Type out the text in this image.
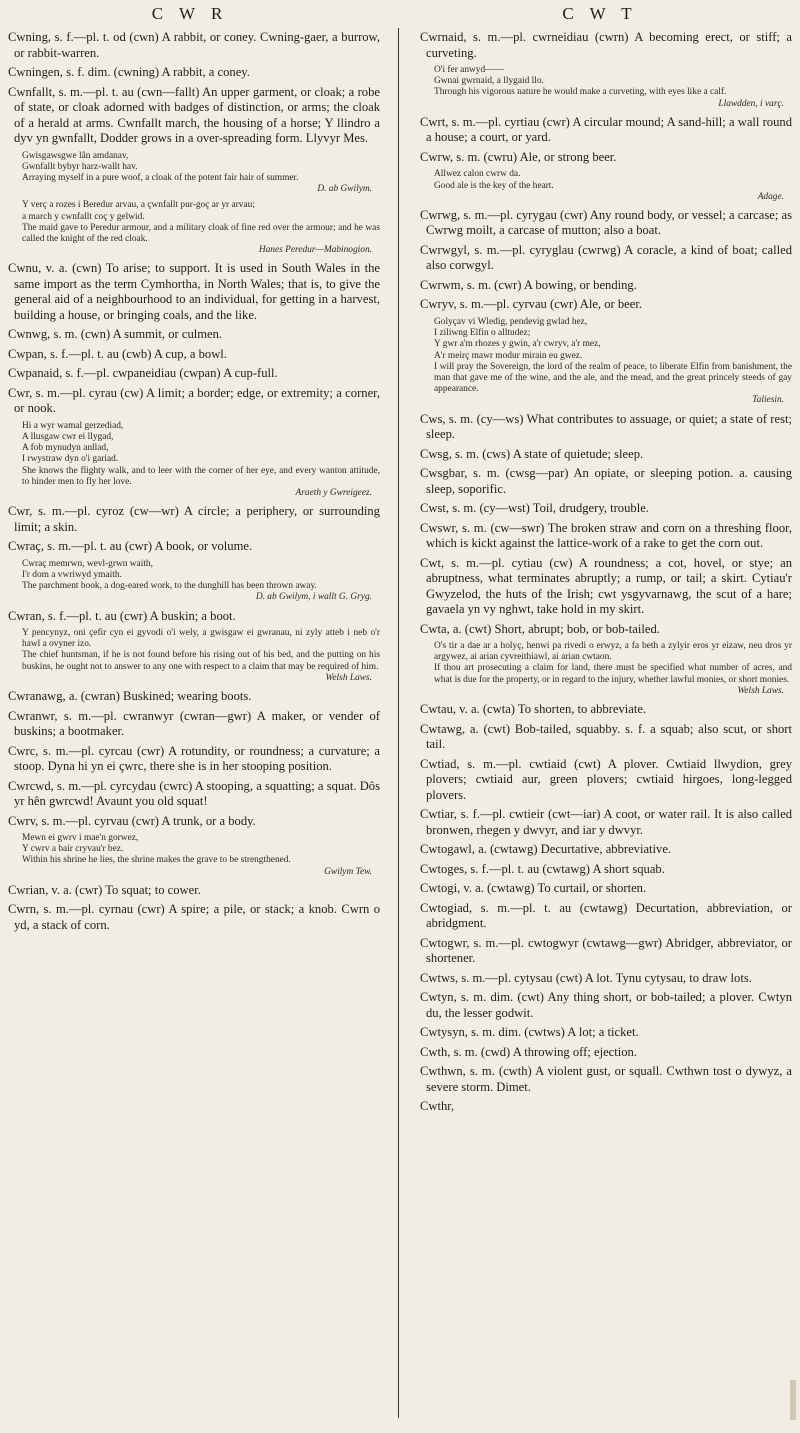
C W R	C W T
Cwning, s. f.—pl. t. od (cwn) A rabbit, or coney. Cwning-gaer, a burrow, or rabbit-warren.
Cwningen, s. f. dim. (cwning) A rabbit, a coney.
Cwnfallt, s. m.—pl. t. au (cwn—fallt) An upper garment, or cloak; a robe of state, or cloak adorned with badges of distinction, or arms; the cloak of a herald at arms. Cwnfallt march, the housing of a horse; Y llindro a dyv yn gwnfallt, Dodder grows in a over-spreading form. Llyvyr Mes.
Gwisgawsgwe lân amdanav,
Gwnfallt bybyr harz-wallt hav.
Arraying myself in a pure woof, a cloak of the potent fair hair of summer.
D. ab Gwilym.
Y verç a rozes i Beredur arvau, a çwnfallt pur-goç ar yr arvau;
a march y cwnfallt coç y gelwid.
The maid gave to Peredur armour, and a military cloak of fine red over the armour; and he was called the knight of the red cloak.
Hanes Peredur—Mabinogion.
Cwnu, v. a. (cwn) To arise; to support. It is used in South Wales in the same import as the term Cymhortha, in North Wales; that is, to give the general aid of a neighbourhood to an individual, for getting in a harvest, building a house, or bringing coals, and the like.
Cwnwg, s. m. (cwn) A summit, or culmen.
Cwpan, s. f.—pl. t. au (cwb) A cup, a bowl.
Cwpanaid, s. f.—pl. cwpaneidiau (cwpan) A cup-full.
Cwr, s. m.—pl. cyrau (cw) A limit; a border; edge, or extremity; a corner, or nook.
Hi a wyr wamal gerzediad,
A llusgaw cwr ei llygad,
A fob mynudyn anllad,
I rwystraw dyn o'i gariad.
She knows the flighty walk, and to leer with the corner of her eye, and every wanton attitude, to hinder men to fly her love.
Araeth y Gwreigeez.
Cwr, s. m.—pl. cyroz (cw—wr) A circle; a periphery, or surrounding limit; a skin.
Cwraç, s. m.—pl. t. au (cwr) A book, or volume.
Cwraç memrwn, wevl-grwn waith,
I'r dom a vwriwyd ymaith.
The parchment book, a dog-eared work, to the dunghill has been thrown away.
D. ab Gwilym, i wallt G. Gryg.
Cwran, s. f.—pl. t. au (cwr) A buskin; a boot.
Y pencynyz, oni çefir cyn ei gyvodi o'i wely, a gwisgaw ei gwranau, ni zyly atteb i neb o'r hawl a ovyner izo.
The chief huntsman, if he is not found before his rising out of his bed, and the putting on his buskins, he ought not to answer to any one with respect to a claim that may be required of him.
Welsh Laws.
Cwranawg, a. (cwran) Buskined; wearing boots.
Cwranwr, s. m.—pl. cwranwyr (cwran—gwr) A maker, or vender of buskins; a bootmaker.
Cwrc, s. m.—pl. cyrcau (cwr) A rotundity, or roundness; a curvature; a stoop. Dyna hi yn ei çwrc, there she is in her stooping position.
Cwrcwd, s. m.—pl. cyrcydau (cwrc) A stooping, a squatting; a squat. Dôs yr hên gwrcwd! Avaunt you old squat!
Cwrv, s. m.—pl. cyrvau (cwr) A trunk, or a body.
Mewn ei gwrv i mae'n gorwez,
Y cwrv a bair cryvau'r bez.
Within his shrine he lies, the shrine makes the grave to be strengthened.
Gwilym Tew.
Cwrian, v. a. (cwr) To squat; to cower.
Cwrn, s. m.—pl. cyrnau (cwr) A spire; a pile, or stack; a knob. Cwrn o yd, a stack of corn.
Cwrnaid, s. m.—pl. cwrneidiau (cwrn) A becoming erect, or stiff; a curveting.
O'i fer anwyd——
Gwnai gwrnaid, a llygaid llo.
Through his vigorous nature he would make a curveting, with eyes like a calf.
Llawdden, i varç.
Cwrt, s. m.—pl. cyrtiau (cwr) A circular mound; A sand-hill; a wall round a house; a court, or yard.
Cwrw, s. m. (cwru) Ale, or strong beer.
Allwez calon cwrw da.
Good ale is the key of the heart.
Adage.
Cwrwg, s. m.—pl. cyrygau (cwr) Any round body, or vessel; a carcase; as Cwrwg moilt, a carcase of mutton; also a boat.
Cwrwgyl, s. m.—pl. cyryglau (cwrwg) A coracle, a kind of boat; called also corwgyl.
Cwrwm, s. m. (cwr) A bowing, or bending.
Cwryv, s. m.—pl. cyrvau (cwr) Ale, or beer.
Golyçav vi Wledig, pendevig gwlad hez,
I ziliwng Elfin o alltudez;
Y gwr a'm rhozes y gwin, a'r cwryv, a'r mez,
A'r meirç mawr modur mirain eu gwez.
I will pray the Sovereign, the lord of the realm of peace, to liberate Elfin from banishment, the man that gave me of the wine, and the ale, and the mead, and the great princely steeds of gay appearance.
Taliesin.
Cws, s. m. (cy—ws) What contributes to assuage, or quiet; a state of rest; sleep.
Cwsg, s. m. (cws) A state of quietude; sleep.
Cwsgbar, s. m. (cwsg—par) An opiate, or sleeping potion. a. causing sleep, soporific.
Cwst, s. m. (cy—wst) Toil, drudgery, trouble.
Cwswr, s. m. (cw—swr) The broken straw and corn on a threshing floor, which is kickt against the lattice-work of a rake to get the corn out.
Cwt, s. m.—pl. cytiau (cw) A roundness; a cot, hovel, or stye; an abruptness, what terminates abruptly; a rump, or tail; a skirt. Cytiau'r Gwyzelod, the huts of the Irish; cwt ysgyvarnawg, the scut of a hare; gavaela yn vy nghwt, take hold in my skirt.
Cwta, a. (cwt) Short, abrupt; bob, or bob-tailed.
O's tir a dae ar a holyç, henwi pa rivedi o erwyz, a fa beth a zylyir eros yr eizaw, neu dros yr argywez, ai arian cyvreithiawl, ai arian cwtaon.
If thou art prosecuting a claim for land, there must be specified what number of acres, and what is due for the property, or in regard to the injury, whether lawful monies, or short monies.
Welsh Laws.
Cwtau, v. a. (cwta) To shorten, to abbreviate.
Cwtawg, a. (cwt) Bob-tailed, squabby. s. f. a squab; also scut, or short tail.
Cwtiad, s. m.—pl. cwtiaid (cwt) A plover. Cwtiaid llwydion, grey plovers; cwtiaid aur, green plovers; cwtiaid hirgoes, long-legged plovers.
Cwtiar, s. f.—pl. cwtieir (cwt—iar) A coot, or water rail. It is also called bronwen, rhegen y dwvyr, and iar y dwvyr.
Cwtogawl, a. (cwtawg) Decurtative, abbreviative.
Cwtoges, s. f.—pl. t. au (cwtawg) A short squab.
Cwtogi, v. a. (cwtawg) To curtail, or shorten.
Cwtogiad, s. m.—pl. t. au (cwtawg) Decurtation, abbreviation, or abridgment.
Cwtogwr, s. m.—pl. cwtogwyr (cwtawg—gwr) Abridger, abbreviator, or shortener.
Cwtws, s. m.—pl. cytysau (cwt) A lot. Tynu cytysau, to draw lots.
Cwtyn, s. m. dim. (cwt) Any thing short, or bob-tailed; a plover. Cwtyn du, the lesser godwit.
Cwtysyn, s. m. dim. (cwtws) A lot; a ticket.
Cwth, s. m. (cwd) A throwing off; ejection.
Cwthwn, s. m. (cwth) A violent gust, or squall. Cwthwn tost o dywyz, a severe storm. Dimet.
Cwthr,
